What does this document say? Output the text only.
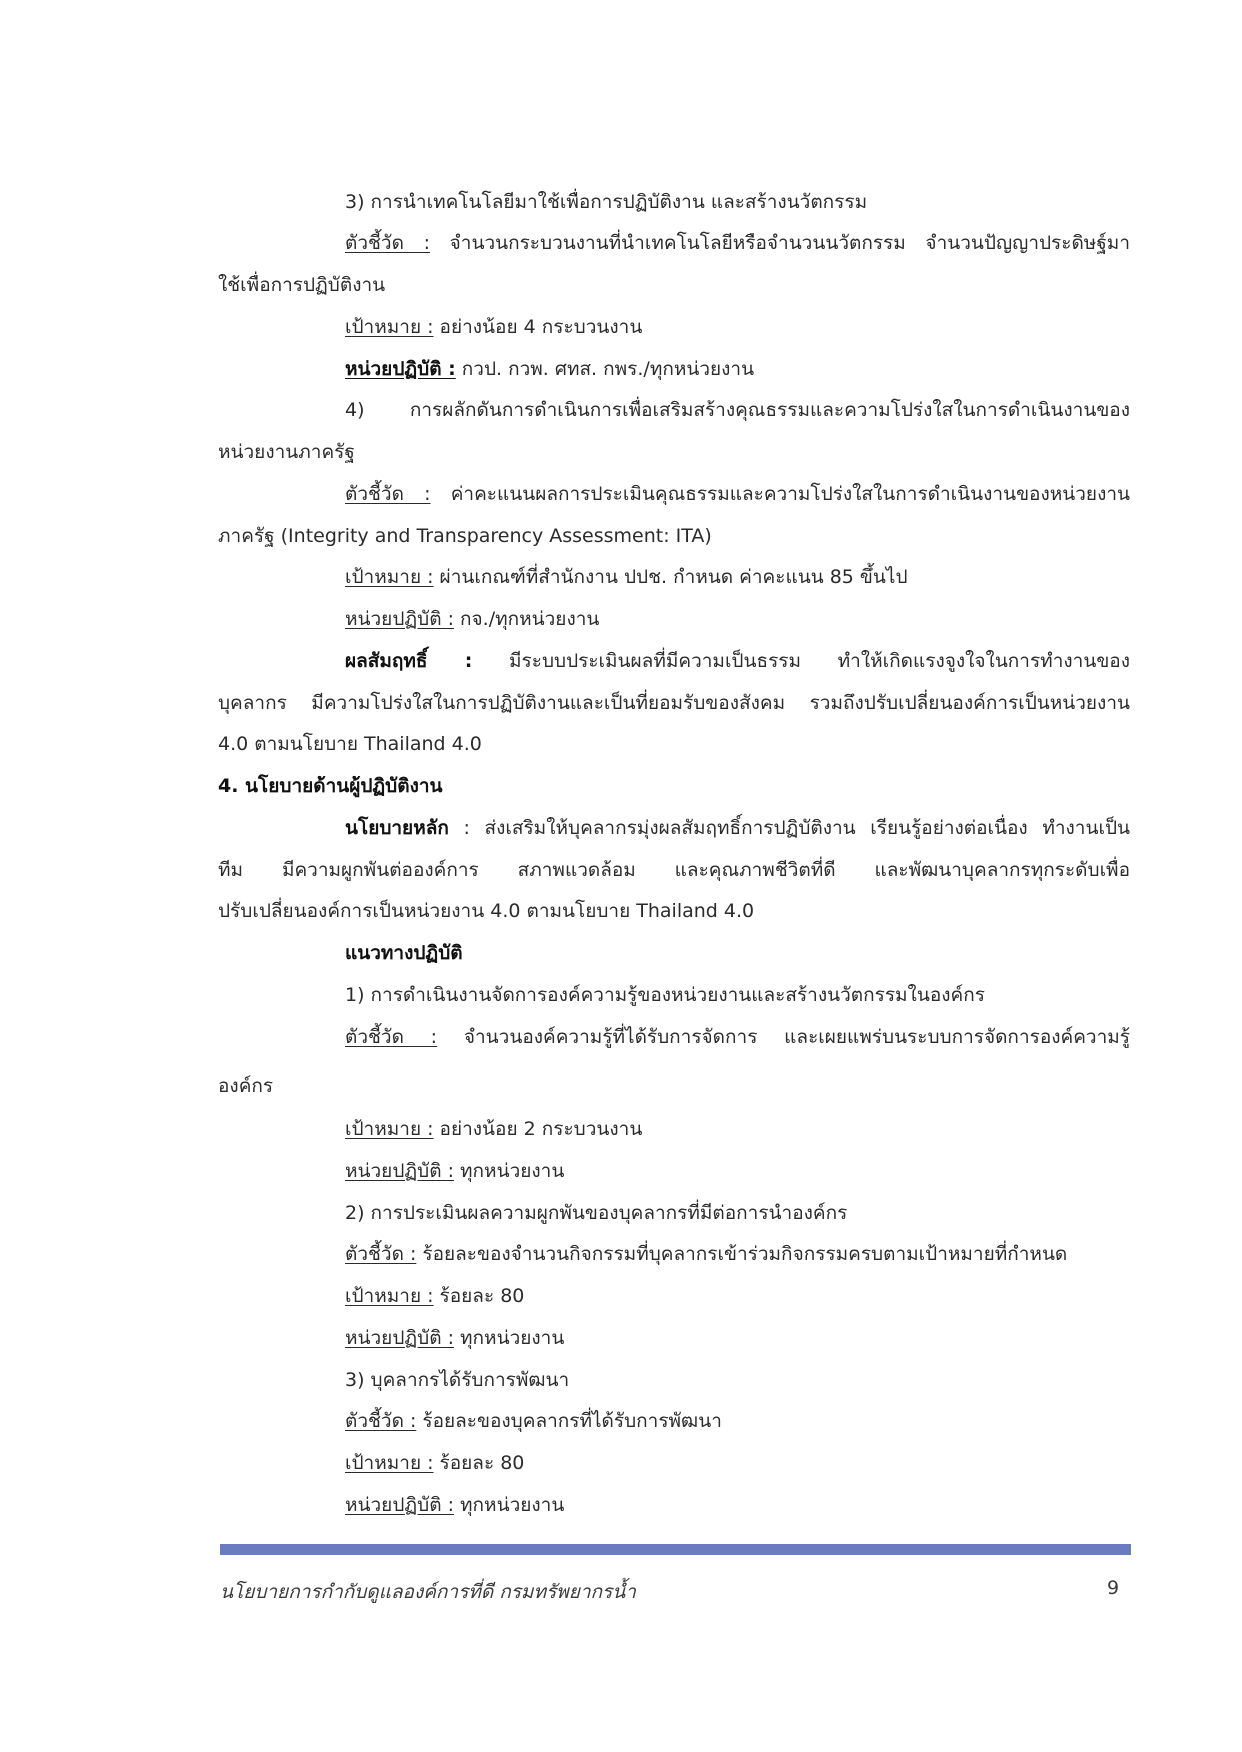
3) การนำเทคโนโลยีมาใช้เพื่อการปฏิบัติงาน และสร้างนวัตกรรม
ตัวชี้วัด : จำนวนกระบวนงานที่นำเทคโนโลยีหรือจำนวนนวัตกรรม จำนวนปัญญาประดิษฐ์มา
ใช้เพื่อการปฏิบัติงาน
เป้าหมาย : อย่างน้อย 4 กระบวนงาน
หน่วยปฏิบัติ : กวป. กวพ. ศทส. กพร./ทุกหน่วยงาน
4) การผลักดันการดำเนินการเพื่อเสริมสร้างคุณธรรมและความโปร่งใสในการดำเนินงานของ
หน่วยงานภาครัฐ
ตัวชี้วัด : ค่าคะแนนผลการประเมินคุณธรรมและความโปร่งใสในการดำเนินงานของหน่วยงาน
ภาครัฐ (Integrity and Transparency Assessment: ITA)
เป้าหมาย : ผ่านเกณฑ์ที่สำนักงาน ปปช. กำหนด ค่าคะแนน 85 ขึ้นไป
หน่วยปฏิบัติ : กจ./ทุกหน่วยงาน
ผลสัมฤทธิ์ : มีระบบประเมินผลที่มีความเป็นธรรม ทำให้เกิดแรงจูงใจในการทำงานของ
บุคลากร มีความโปร่งใสในการปฏิบัติงานและเป็นที่ยอมรับของสังคม รวมถึงปรับเปลี่ยนองค์การเป็นหน่วยงาน
4.0 ตามนโยบาย Thailand 4.0
4. นโยบายด้านผู้ปฏิบัติงาน
นโยบายหลัก : ส่งเสริมให้บุคลากรมุ่งผลสัมฤทธิ์การปฏิบัติงาน เรียนรู้อย่างต่อเนื่อง ทำงานเป็น
ทีม มีความผูกพันต่อองค์การ สภาพแวดล้อม และคุณภาพชีวิตที่ดี และพัฒนาบุคลากรทุกระดับเพื่อ
ปรับเปลี่ยนองค์การเป็นหน่วยงาน 4.0 ตามนโยบาย Thailand 4.0
แนวทางปฏิบัติ
1) การดำเนินงานจัดการองค์ความรู้ของหน่วยงานและสร้างนวัตกรรมในองค์กร
ตัวชี้วัด : จำนวนองค์ความรู้ที่ได้รับการจัดการ และเผยแพร่บนระบบการจัดการองค์ความรู้
องค์กร
เป้าหมาย : อย่างน้อย 2 กระบวนงาน
หน่วยปฏิบัติ : ทุกหน่วยงาน
2) การประเมินผลความผูกพันของบุคลากรที่มีต่อการนำองค์กร
ตัวชี้วัด : ร้อยละของจำนวนกิจกรรมที่บุคลากรเข้าร่วมกิจกรรมครบตามเป้าหมายที่กำหนด
เป้าหมาย : ร้อยละ 80
หน่วยปฏิบัติ : ทุกหน่วยงาน
3) บุคลากรได้รับการพัฒนา
ตัวชี้วัด : ร้อยละของบุคลากรที่ได้รับการพัฒนา
เป้าหมาย : ร้อยละ 80
หน่วยปฏิบัติ : ทุกหน่วยงาน
นโยบายการกำกับดูแลองค์การที่ดี กรมทรัพยากรน้ำ	9
